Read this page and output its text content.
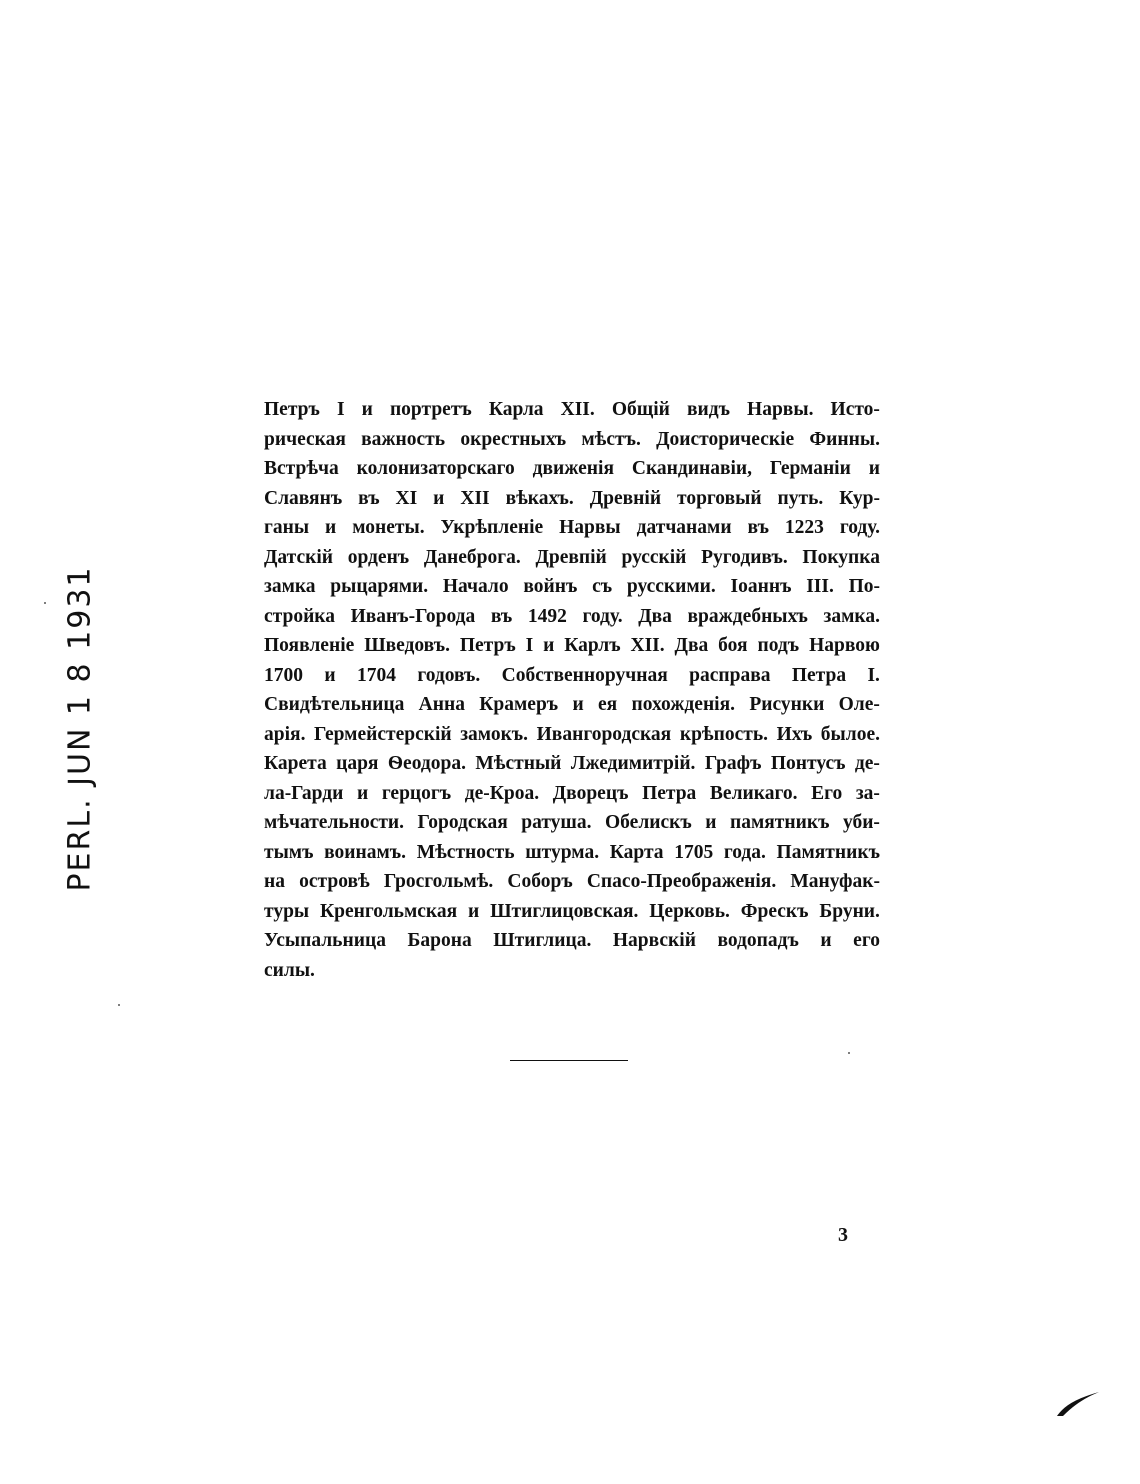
PERL. JUN 1 8 1931
Петръ I и портретъ Карла XII. Общій видъ Нарвы. Исто-
рическая важность окрестныхъ мѣстъ. Доисторическіе Финны.
Встрѣча колонизаторскаго движенія Скандинавіи, Германіи и
Славянъ въ XI и XII вѣкахъ. Древній торговый путь. Кур-
ганы и монеты. Укрѣпленіе Нарвы датчанами въ 1223 году.
Датскій орденъ Данеброга. Древпій русскій Ругодивъ. Покупка
замка рыцарями. Начало войнъ съ русскими. Іоаннъ III. По-
стройка Иванъ-Города въ 1492 году. Два враждебныхъ замка.
Появленіе Шведовъ. Петръ I и Карлъ XII. Два боя подъ Нарвою
1700 и 1704 годовъ. Собственноручная расправа Петра I.
Свидѣтельница Анна Крамеръ и ея похожденія. Рисунки Оле-
арія. Гермейстерскій замокъ. Ивангородская крѣпость. Ихъ былое.
Карета царя Ѳеодора. Мѣстный Лжедимитрій. Графъ Понтусъ де-
ла-Гарди и герцогъ де-Кроа. Дворецъ Петра Великаго. Его за-
мѣчательности. Городская ратуша. Обелискъ и памятникъ уби-
тымъ воинамъ. Мѣстность штурма. Карта 1705 года. Памятникъ
на островѣ Гросгольмѣ. Соборъ Спасо-Преображенія. Мануфак-
туры Кренгольмская и Штиглицовская. Церковь. Фрескъ Бруни.
Усыпальница Барона Штиглица. Нарвскій водопадъ и его
силы.
3
